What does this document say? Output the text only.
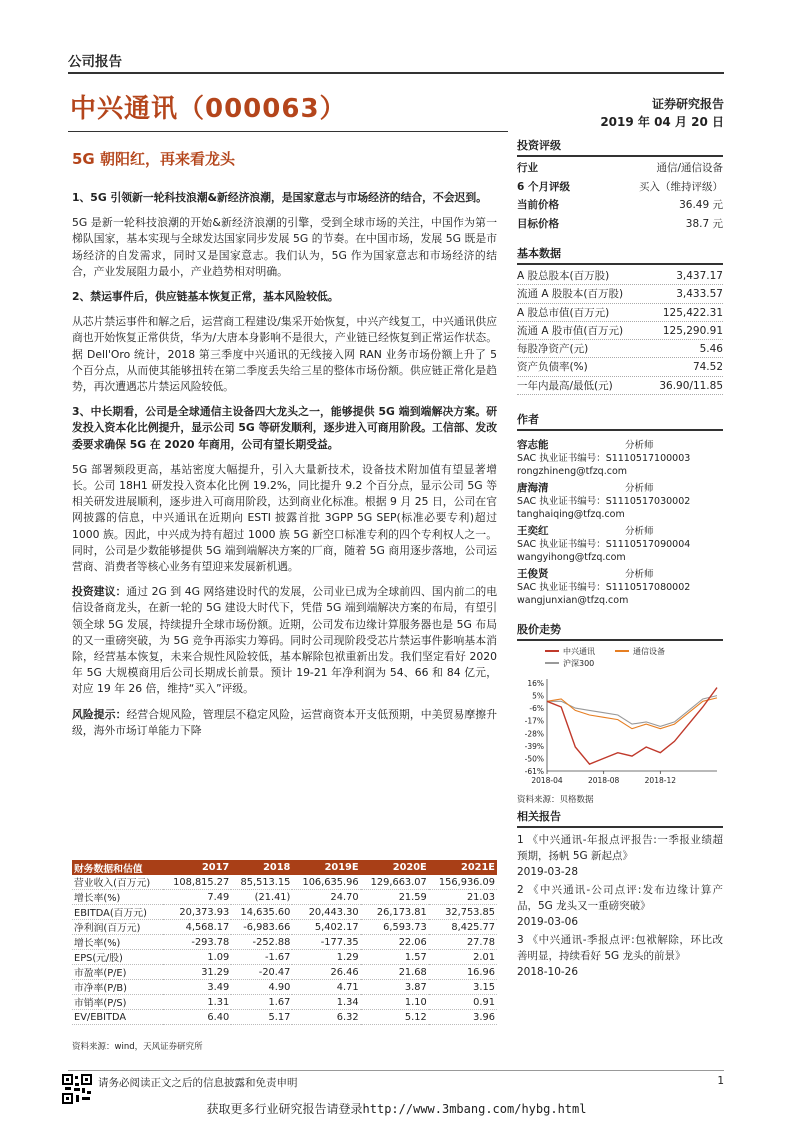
公司报告
中兴通讯（000063）	证券研究报告
2019 年 04 月 20 日
5G 朝阳红，再来看龙头

1、5G 引领新一轮科技浪潮&新经济浪潮，是国家意志与市场经济的结合，不会迟到。

5G 是新一轮科技浪潮的开始&新经济浪潮的引擎，受到全球市场的关注，中国作为第一梯队国家，基本实现与全球发达国家同步发展 5G 的节奏。在中国市场，发展 5G 既是市场经济的自发需求，同时又是国家意志。我们认为，5G 作为国家意志和市场经济的结合，产业发展阻力最小，产业趋势相对明确。

2、禁运事件后，供应链基本恢复正常，基本风险较低。

从芯片禁运事件和解之后，运营商工程建设/集采开始恢复，中兴产线复工，中兴通讯供应商也开始恢复正常供货，华为/大唐本身影响不是很大，产业链已经恢复到正常运作状态。据 Dell'Oro 统计，2018 第三季度中兴通讯的无线接入网 RAN 业务市场份额上升了 5 个百分点，从而使其能够扭转在第二季度丢失给三星的整体市场份额。供应链正常化是趋势，再次遭遇芯片禁运风险较低。

3、中长期看，公司是全球通信主设备四大龙头之一，能够提供 5G 端到端解决方案。研发投入资本化比例提升，显示公司 5G 等研发顺利，逐步进入可商用阶段。工信部、发改委要求确保 5G 在 2020 年商用，公司有望长期受益。

5G 部署频段更高，基站密度大幅提升，引入大量新技术，设备技术附加值有望显著增长。公司 18H1 研发投入资本化比例 19.2%，同比提升 9.2 个百分点，显示公司 5G 等相关研发进展顺利，逐步进入可商用阶段，达到商业化标准。根据 9 月 25 日，公司在官网披露的信息，中兴通讯在近期向 ESTI 披露首批 3GPP 5G SEP(标准必要专利)超过 1000 族。因此，中兴成为持有超过 1000 族 5G 新空口标准专利的四个专利权人之一。同时，公司是少数能够提供 5G 端到端解决方案的厂商，随着 5G 商用逐步落地，公司运营商、消费者等核心业务有望迎来发展新机遇。

投资建议：通过 2G 到 4G 网络建设时代的发展，公司业已成为全球前四、国内前二的电信设备商龙头，在新一轮的 5G 建设大时代下，凭借 5G 端到端解决方案的布局，有望引领全球 5G 发展，持续提升全球市场份额。近期，公司发布边缘计算服务器也是 5G 布局的又一重磅突破，为 5G 竞争再添实力筹码。同时公司现阶段受芯片禁运事件影响基本消除，经营基本恢复，未来合规性风险较低，基本解除包袱重新出发。我们坚定看好 2020 年 5G 大规模商用后公司长期成长前景。预计 19-21 年净利润为 54、66 和 84 亿元，对应 19 年 26 倍，维持“买入”评级。

风险提示：经营合规风险，管理层不稳定风险，运营商资本开支低预期，中美贸易摩擦升级，海外市场订单能力下降

财务数据和估值	2017	2018	2019E	2020E	2021E
营业收入(百万元)	108,815.27	85,513.15	106,635.96	129,663.07	156,936.09
增长率(%)	7.49	(21.41)	24.70	21.59	21.03
EBITDA(百万元)	20,373.93	14,635.60	20,443.30	26,173.81	32,753.85
净利润(百万元)	4,568.17	-6,983.66	5,402.17	6,593.73	8,425.77
增长率(%)	-293.78	-252.88	-177.35	22.06	27.78
EPS(元/股)	1.09	-1.67	1.29	1.57	2.01
市盈率(P/E)	31.29	-20.47	26.46	21.68	16.96
市净率(P/B)	3.49	4.90	4.71	3.87	3.15
市销率(P/S)	1.31	1.67	1.34	1.10	0.91
EV/EBITDA	6.40	5.17	6.32	5.12	3.96
资料来源：wind，天风证券研究所
投资评级
行业	通信/通信设备
6 个月评级	买入（维持评级）
当前价格	36.49 元
目标价格	38.7 元
基本数据
A 股总股本(百万股)	3,437.17
流通 A 股股本(百万股)	3,433.57
A 股总市值(百万元)	125,422.31
流通 A 股市值(百万元)	125,290.91
每股净资产(元)	5.46
资产负债率(%)	74.52
一年内最高/最低(元)	36.90/11.85
作者
容志能	分析师
SAC 执业证书编号：S1110517100003
rongzhineng@tfzq.com
唐海清	分析师
SAC 执业证书编号：S1110517030002
tanghaiqing@tfzq.com
王奕红	分析师
SAC 执业证书编号：S1110517090004
wangyihong@tfzq.com
王俊贤	分析师
SAC 执业证书编号：S1110517080002
wangjunxian@tfzq.com
股价走势
中兴通讯	通信设备
沪深300
16%
5%
-6%
-17%
-28%
-39%
-50%
-61%
2018-04	2018-08	2018-12
资料来源：贝格数据
相关报告
1 《中兴通讯-年报点评报告:一季报业绩超预期，扬帆 5G 新起点》
2019-03-28
2 《中兴通讯-公司点评:发布边缘计算产品，5G 龙头又一重磅突破》
2019-03-06
3 《中兴通讯-季报点评:包袱解除，环比改善明显，持续看好 5G 龙头的前景》
2018-10-26
请务必阅读正文之后的信息披露和免责申明	1
获取更多行业研究报告请登录http://www.3mbang.com/hybg.html
